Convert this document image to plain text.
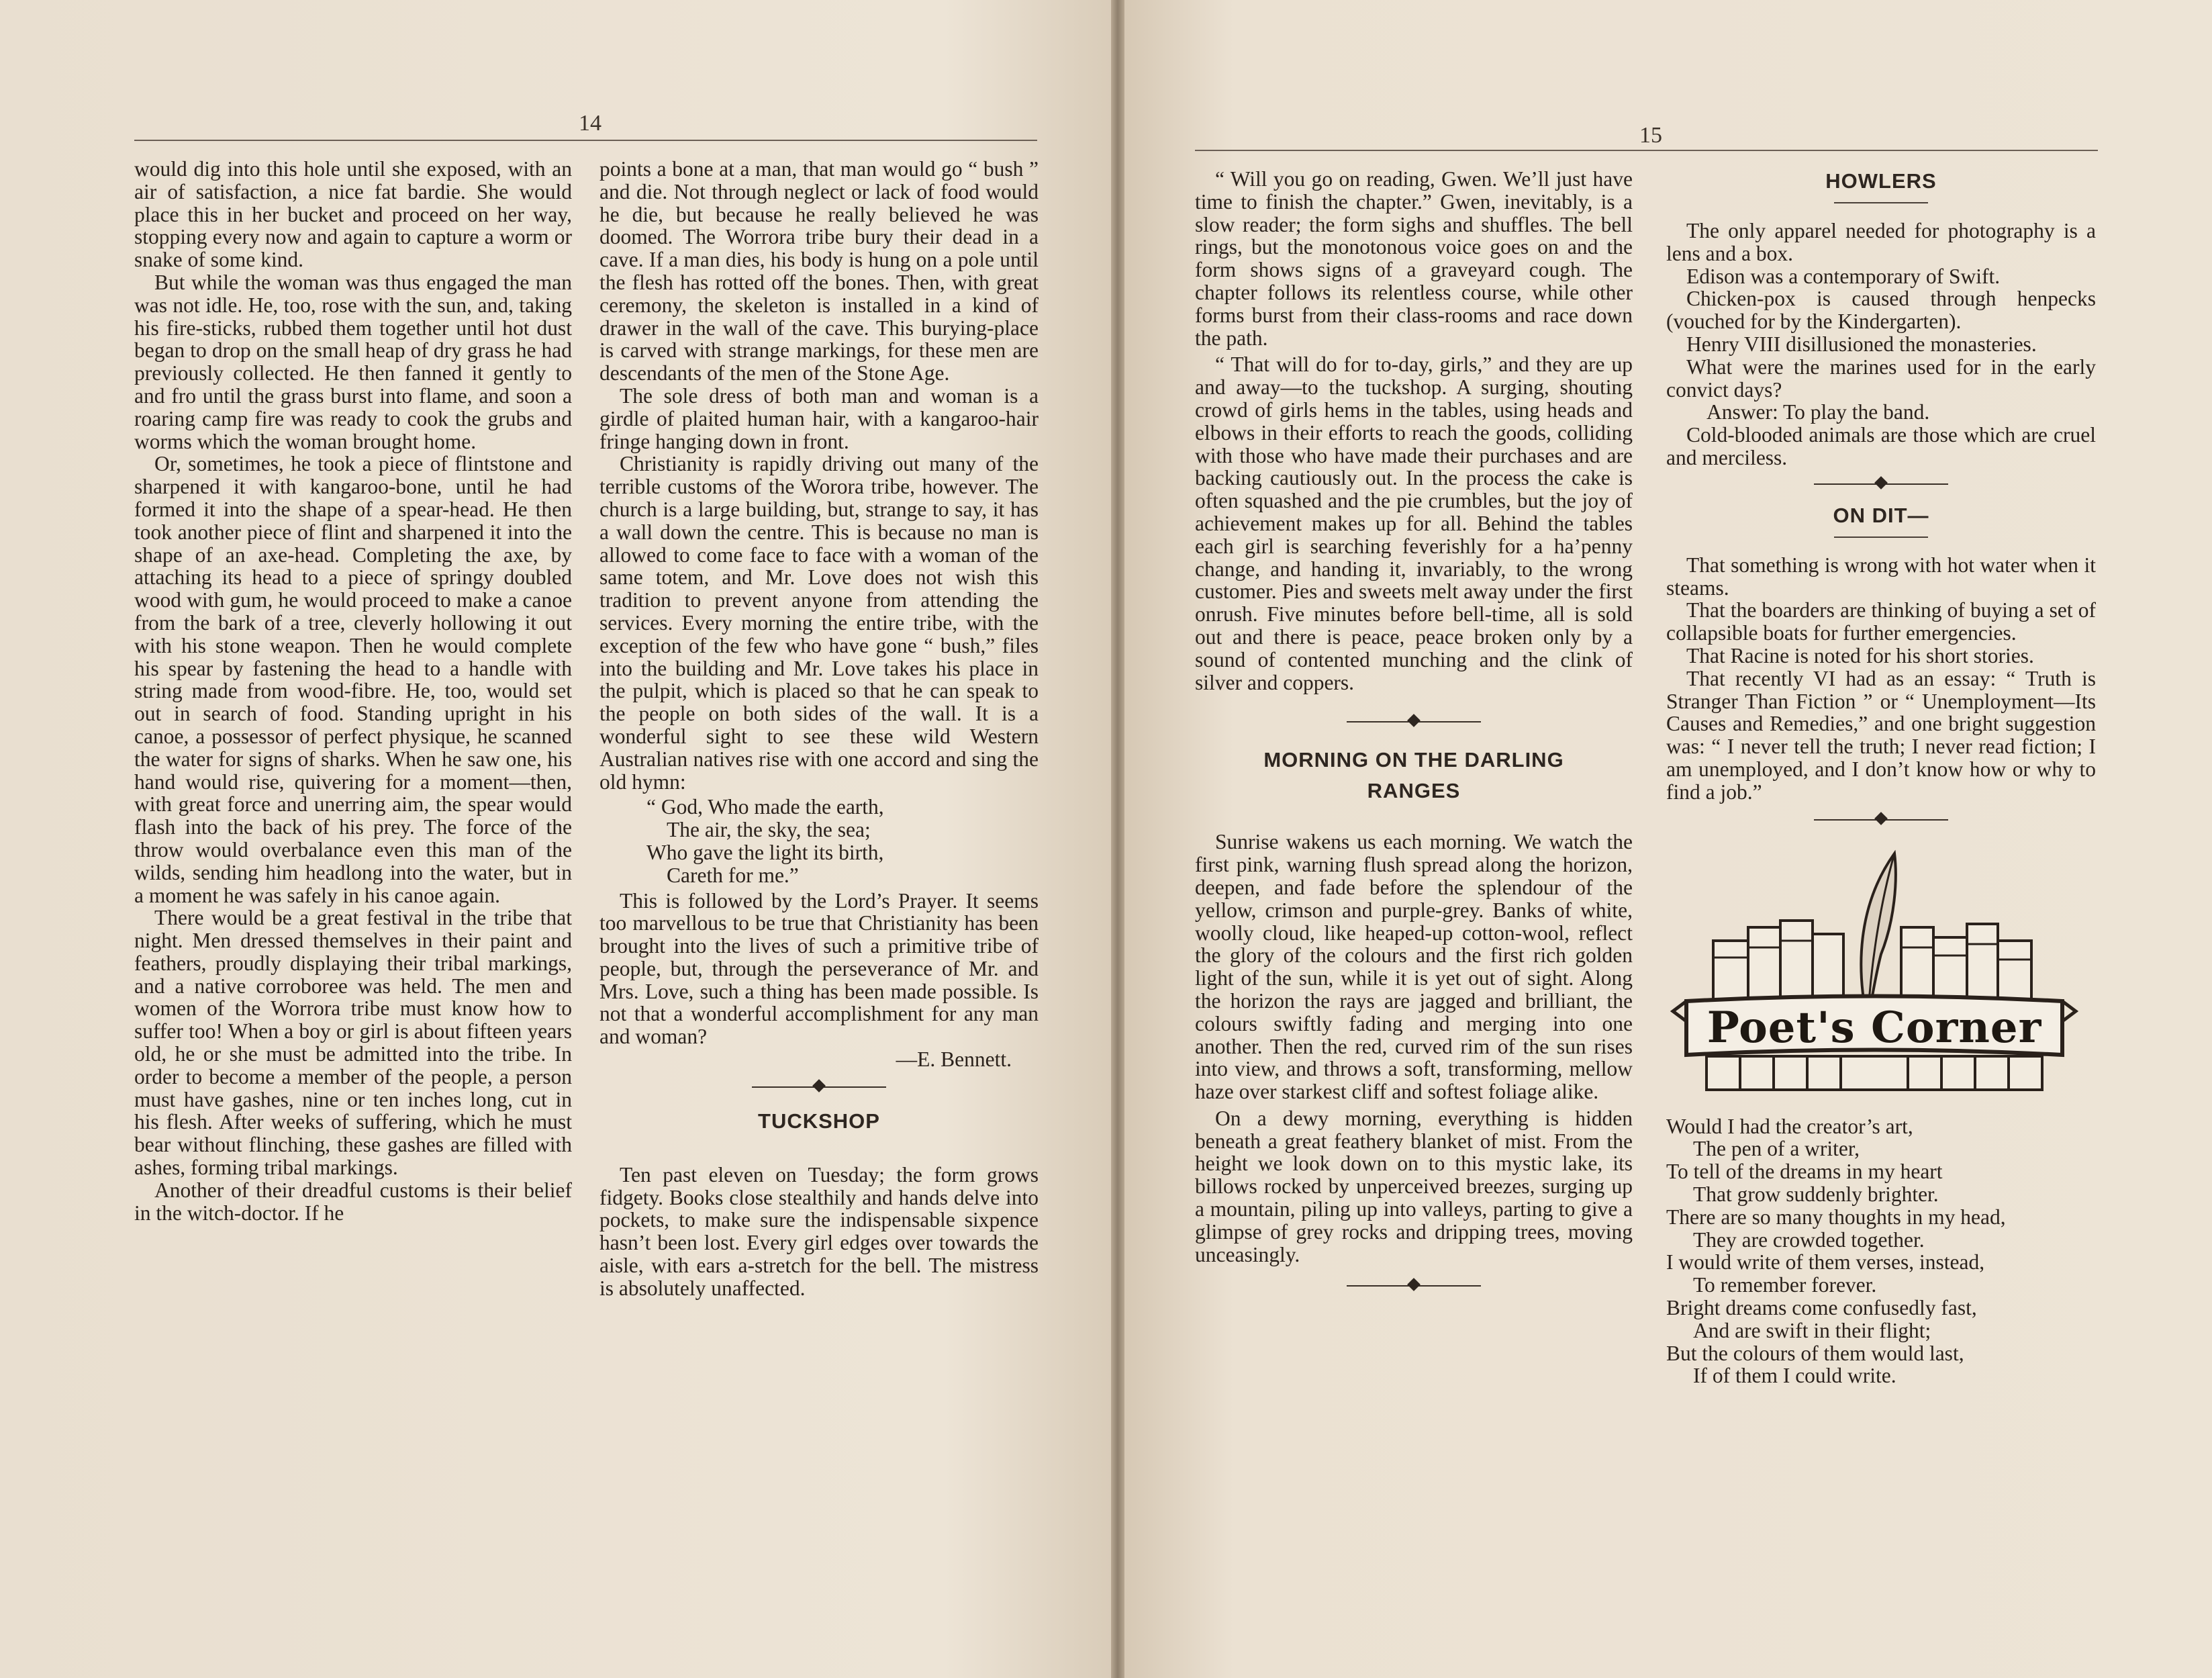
14

would dig into this hole until she exposed, with an air of satisfaction, a nice fat bardie. She would place this in her bucket and proceed on her way, stopping every now and again to capture a worm or snake of some kind.

But while the woman was thus engaged the man was not idle. He, too, rose with the sun, and, taking his fire-sticks, rubbed them together until hot dust began to drop on the small heap of dry grass he had previously collected. He then fanned it gently to and fro until the grass burst into flame, and soon a roaring camp fire was ready to cook the grubs and worms which the woman brought home.

Or, sometimes, he took a piece of flintstone and sharpened it with kangaroo-bone, until he had formed it into the shape of a spear-head. He then took another piece of flint and sharpened it into the shape of an axe-head. Completing the axe, by attaching its head to a piece of springy doubled wood with gum, he would proceed to make a canoe from the bark of a tree, cleverly hollowing it out with his stone weapon. Then he would complete his spear by fastening the head to a handle with string made from wood-fibre. He, too, would set out in search of food. Standing upright in his canoe, a possessor of perfect physique, he scanned the water for signs of sharks. When he saw one, his hand would rise, quivering for a moment—then, with great force and unerring aim, the spear would flash into the back of his prey. The force of the throw would overbalance even this man of the wilds, sending him headlong into the water, but in a moment he was safely in his canoe again.

There would be a great festival in the tribe that night. Men dressed themselves in their paint and feathers, proudly displaying their tribal markings, and a native corroboree was held. The men and women of the Worrora tribe must know how to suffer too! When a boy or girl is about fifteen years old, he or she must be admitted into the tribe. In order to become a member of the people, a person must have gashes, nine or ten inches long, cut in his flesh. After weeks of suffering, which he must bear without flinching, these gashes are filled with ashes, forming tribal markings.

Another of their dreadful customs is their belief in the witch-doctor. If he

points a bone at a man, that man would go “ bush ” and die. Not through neglect or lack of food would he die, but because he really believed he was doomed. The Worrora tribe bury their dead in a cave. If a man dies, his body is hung on a pole until the flesh has rotted off the bones. Then, with great ceremony, the skeleton is installed in a kind of drawer in the wall of the cave. This burying-place is carved with strange markings, for these men are descendants of the men of the Stone Age.

The sole dress of both man and woman is a girdle of plaited human hair, with a kangaroo-hair fringe hanging down in front.

Christianity is rapidly driving out many of the terrible customs of the Worora tribe, however. The church is a large building, but, strange to say, it has a wall down the centre. This is because no man is allowed to come face to face with a woman of the same totem, and Mr. Love does not wish this tradition to prevent anyone from attending the services. Every morning the entire tribe, with the exception of the few who have gone “ bush,” files into the building and Mr. Love takes his place in the pulpit, which is placed so that he can speak to the people on both sides of the wall. It is a wonderful sight to see these wild Western Australian natives rise with one accord and sing the old hymn:

“ God, Who made the earth,
The air, the sky, the sea;
Who gave the light its birth,
Careth for me.”

This is followed by the Lord’s Prayer. It seems too marvellous to be true that Christianity has been brought into the lives of such a primitive tribe of people, but, through the perseverance of Mr. and Mrs. Love, such a thing has been made possible. Is not that a wonderful accomplishment for any man and woman?

—E. Bennett.
TUCKSHOP

Ten past eleven on Tuesday; the form grows fidgety. Books close stealthily and hands delve into pockets, to make sure the indispensable sixpence hasn’t been lost. Every girl edges over towards the aisle, with ears a-stretch for the bell. The mistress is absolutely unaffected.

15

“ Will you go on reading, Gwen. We’ll just have time to finish the chapter.” Gwen, inevitably, is a slow reader; the form sighs and shuffles. The bell rings, but the monotonous voice goes on and the form shows signs of a graveyard cough. The chapter follows its relentless course, while other forms burst from their class-rooms and race down the path.

“ That will do for to-day, girls,” and they are up and away—to the tuckshop. A surging, shouting crowd of girls hems in the tables, using heads and elbows in their efforts to reach the goods, colliding with those who have made their purchases and are backing cautiously out. In the process the cake is often squashed and the pie crumbles, but the joy of achievement makes up for all. Behind the tables each girl is searching feverishly for a ha’penny change, and handing it, invariably, to the wrong customer. Pies and sweets melt away under the first onrush. Five minutes before bell-time, all is sold out and there is peace, peace broken only by a sound of contented munching and the clink of silver and coppers.

MORNING ON THE DARLING
RANGES

Sunrise wakens us each morning. We watch the first pink, warning flush spread along the horizon, deepen, and fade before the splendour of the yellow, crimson and purple-grey. Banks of white, woolly cloud, like heaped-up cotton-wool, reflect the glory of the colours and the first rich golden light of the sun, while it is yet out of sight. Along the horizon the rays are jagged and brilliant, the colours swiftly fading and merging into one another. Then the red, curved rim of the sun rises into view, and throws a soft, transforming, mellow haze over starkest cliff and softest foliage alike.

On a dewy morning, everything is hidden beneath a great feathery blanket of mist. From the height we look down on to this mystic lake, its billows rocked by unperceived breezes, surging up a mountain, piling up into valleys, parting to give a glimpse of grey rocks and dripping trees, moving unceasingly.

HOWLERS

The only apparel needed for photography is a lens and a box.

Edison was a contemporary of Swift.

Chicken-pox is caused through henpecks (vouched for by the Kindergarten).

Henry VIII disillusioned the monasteries.

What were the marines used for in the early convict days?

Answer: To play the band.

Cold-blooded animals are those which are cruel and merciless.

ON DIT—

That something is wrong with hot water when it steams.

That the boarders are thinking of buying a set of collapsible boats for further emergencies.

That Racine is noted for his short stories.

That recently VI had as an essay: “ Truth is Stranger Than Fiction ” or “ Unemployment—Its Causes and Remedies,” and one bright suggestion was: “ I never tell the truth; I never read fiction; I am unemployed, and I don’t know how or why to find a job.”

Poet's Corner
Would I had the creator’s art,
The pen of a writer,
To tell of the dreams in my heart
That grow suddenly brighter.
There are so many thoughts in my head,
They are crowded together.
I would write of them verses, instead,
To remember forever.
Bright dreams come confusedly fast,
And are swift in their flight;
But the colours of them would last,
If of them I could write.
